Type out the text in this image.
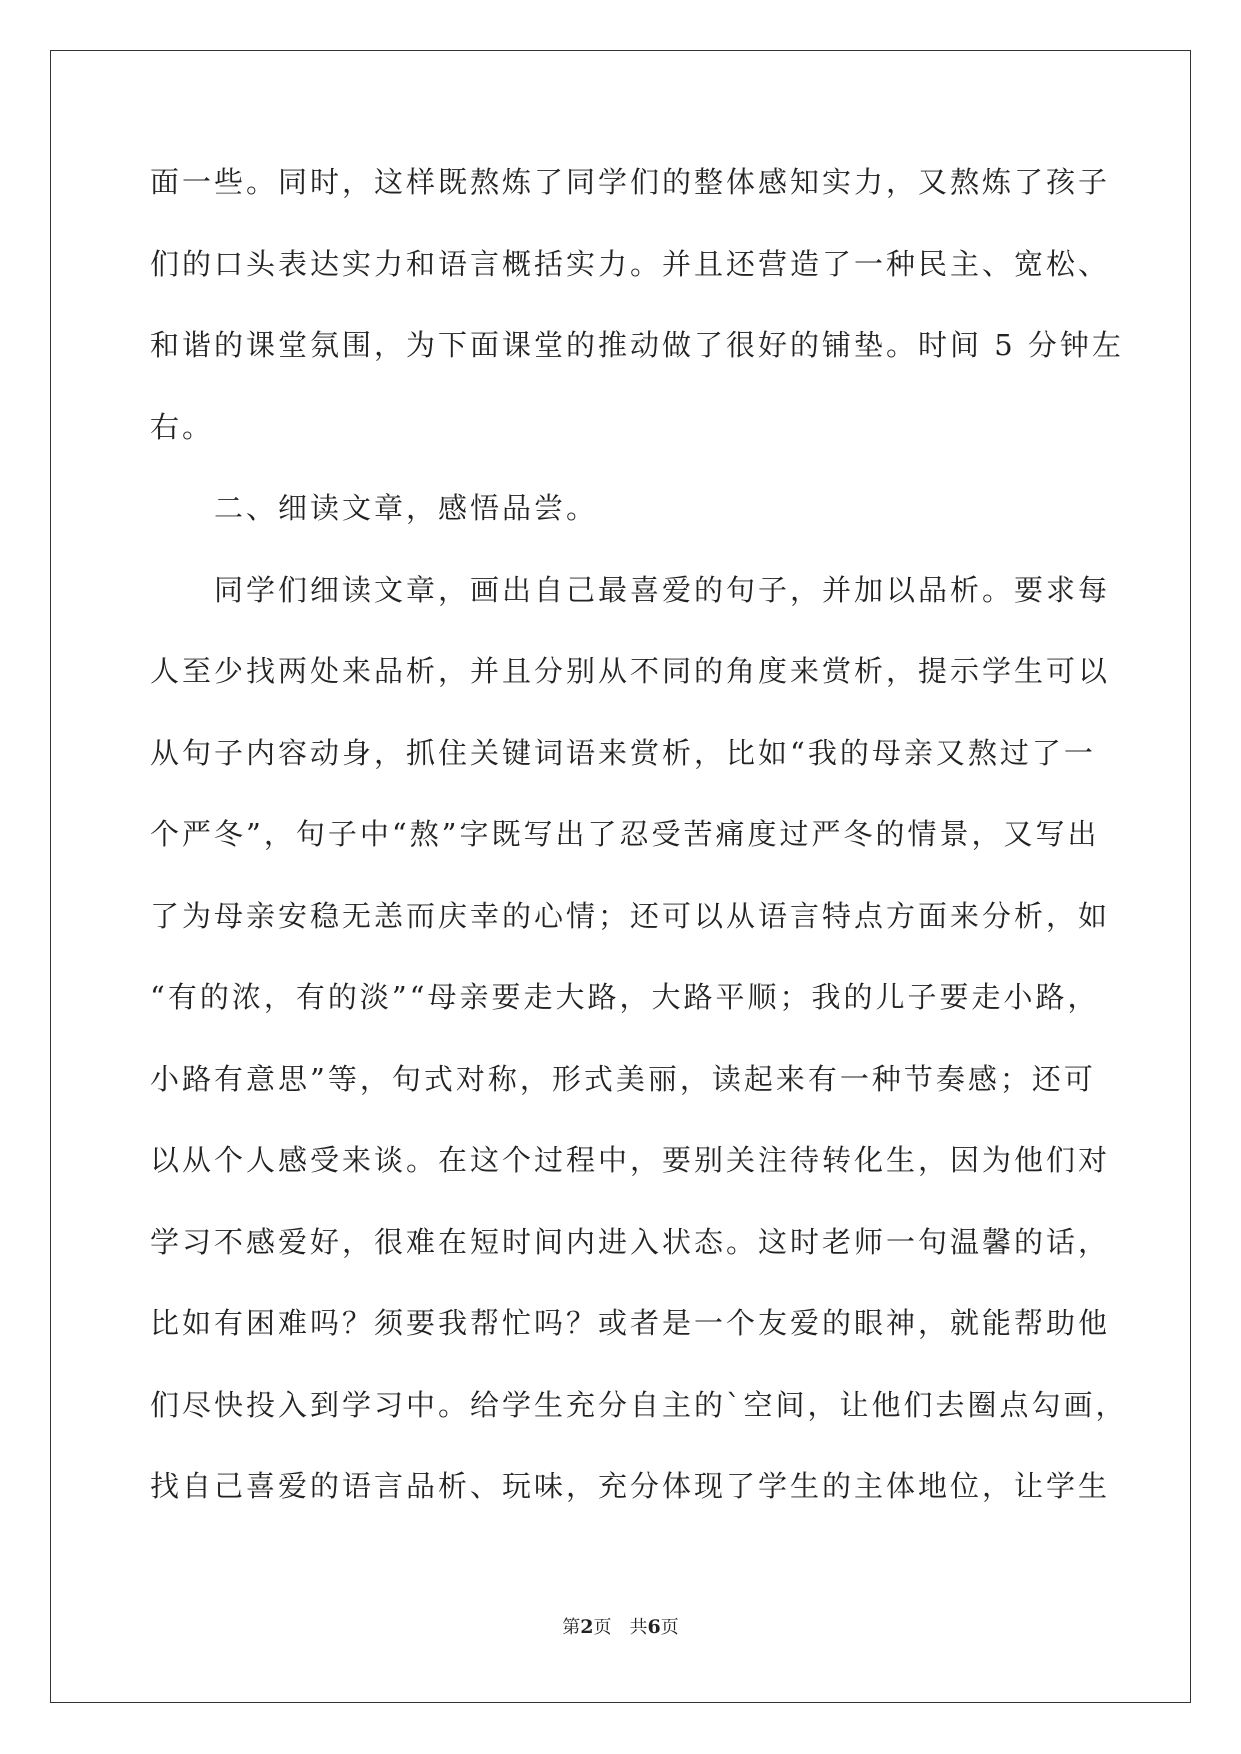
面一些。同时，这样既熬炼了同学们的整体感知实力，又熬炼了孩子
们的口头表达实力和语言概括实力。并且还营造了一种民主、宽松、
和谐的课堂氛围，为下面课堂的推动做了很好的铺垫。时间 5 分钟左
右。
　　二、细读文章，感悟品尝。
　　同学们细读文章，画出自己最喜爱的句子，并加以品析。要求每
人至少找两处来品析，并且分别从不同的角度来赏析，提示学生可以
从句子内容动身，抓住关键词语来赏析，比如“我的母亲又熬过了一
个严冬”，句子中“熬”字既写出了忍受苦痛度过严冬的情景，又写出
了为母亲安稳无恙而庆幸的心情；还可以从语言特点方面来分析，如
“有的浓，有的淡”“母亲要走大路，大路平顺；我的儿子要走小路，
小路有意思”等，句式对称，形式美丽，读起来有一种节奏感；还可
以从个人感受来谈。在这个过程中，要别关注待转化生，因为他们对
学习不感爱好，很难在短时间内进入状态。这时老师一句温馨的话，
比如有困难吗？须要我帮忙吗？或者是一个友爱的眼神，就能帮助他
们尽快投入到学习中。给学生充分自主的`空间，让他们去圈点勾画，
找自己喜爱的语言品析、玩味，充分体现了学生的主体地位，让学生
第2页 共6页
